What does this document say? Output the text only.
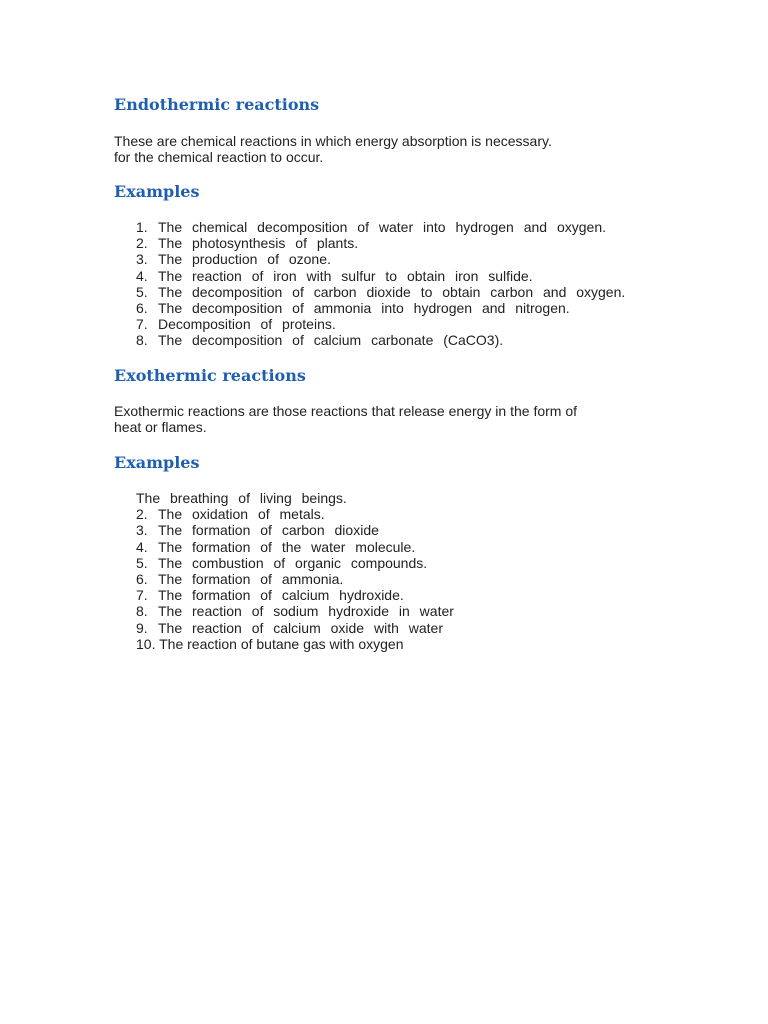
Endothermic reactions

These are chemical reactions in which energy absorption is necessary.
for the chemical reaction to occur.

Examples
1. The chemical decomposition of water into hydrogen and oxygen.
2. The photosynthesis of plants.
3. The production of ozone.
4. The reaction of iron with sulfur to obtain iron sulfide.
5. The decomposition of carbon dioxide to obtain carbon and oxygen.
6. The decomposition of ammonia into hydrogen and nitrogen.
7. Decomposition of proteins.
8. The decomposition of calcium carbonate (CaCO3).
Exothermic reactions

Exothermic reactions are those reactions that release energy in the form of
heat or flames.

Examples
The breathing of living beings.
2. The oxidation of metals.
3. The formation of carbon dioxide
4. The formation of the water molecule.
5. The combustion of organic compounds.
6. The formation of ammonia.
7. The formation of calcium hydroxide.
8. The reaction of sodium hydroxide in water
9. The reaction of calcium oxide with water
10. The reaction of butane gas with oxygen
